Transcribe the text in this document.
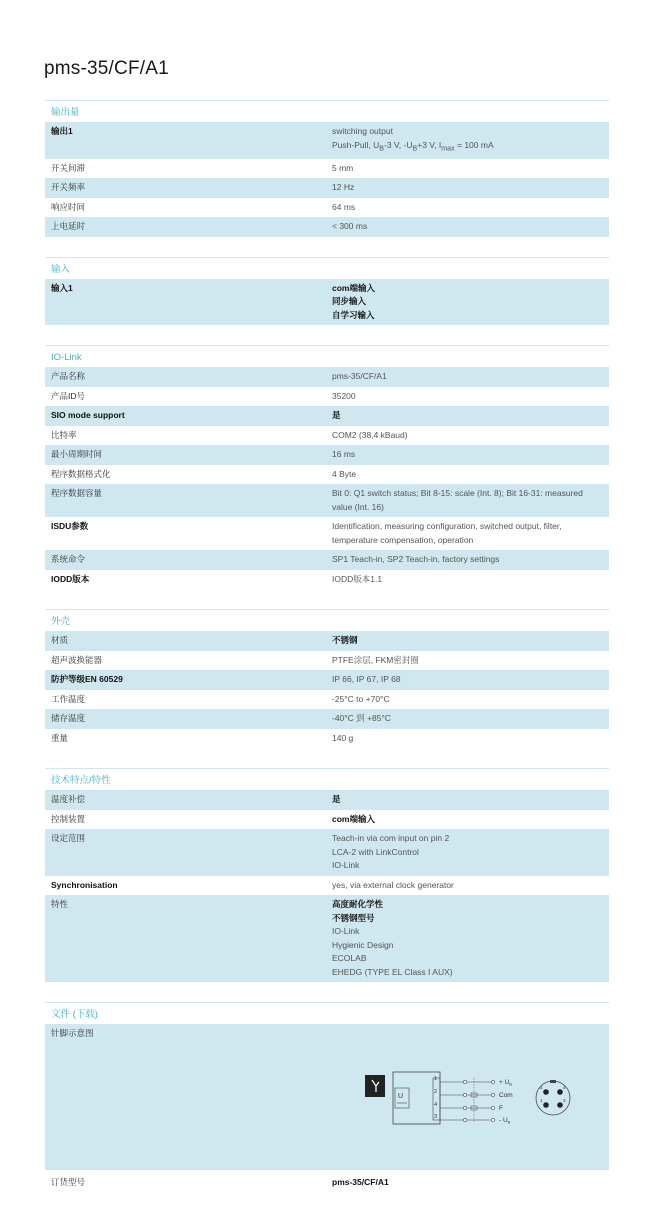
pms-35/CF/A1
输出量
输出1	switching output
Push-Pull, $U_B-3$ V, $-U_B+3$ V, $I_{max} = 100$ mA
开关间滞	5 mm
开关频率	12 Hz
响应时间	64 ms
上电延时	< 300 ms
输入
输入1	com端输入
同步输入
自学习输入
IO-Link
产品名称	pms-35/CF/A1
产品ID号	35200
SIO mode support	是
比特率	COM2 (38,4 kBaud)
最小周期时间	16 ms
程序数据格式化	4 Byte
程序数据容量	Bit 0: Q1 switch status; Bit 8-15: scale (Int. 8); Bit 16-31: measured value (Int. 16)
ISDU参数	Identification, measuring configuration, switched output, filter, temperature compensation, operation
系统命令	SP1 Teach-in, SP2 Teach-in, factory settings
IODD版本	IODD版本1.1
外壳
材质	不锈钢
超声波换能器	PTFE涂层, FKM密封圈
防护等级EN 60529	IP 66, IP 67, IP 68
工作温度	-25°C to +70°C
储存温度	-40°C 到 +85°C
重量	140 g
技术特点/特性
温度补偿	是
控制装置	com端输入
设定范围	Teach-in via com input on pin 2
LCA-2 with LinkControl
IO-Link
Synchronisation	yes, via external clock generator
特性	高度耐化学性
不锈钢型号
IO-Link
Hygienic Design
ECOLAB
EHEDG (TYPE EL Class I AUX)
文件 (下载)
针脚示意图
U
1	+ $U_B$
2	Com
4	F
3	- $U_B$
2	4
1	3
订货型号	pms-35/CF/A1
